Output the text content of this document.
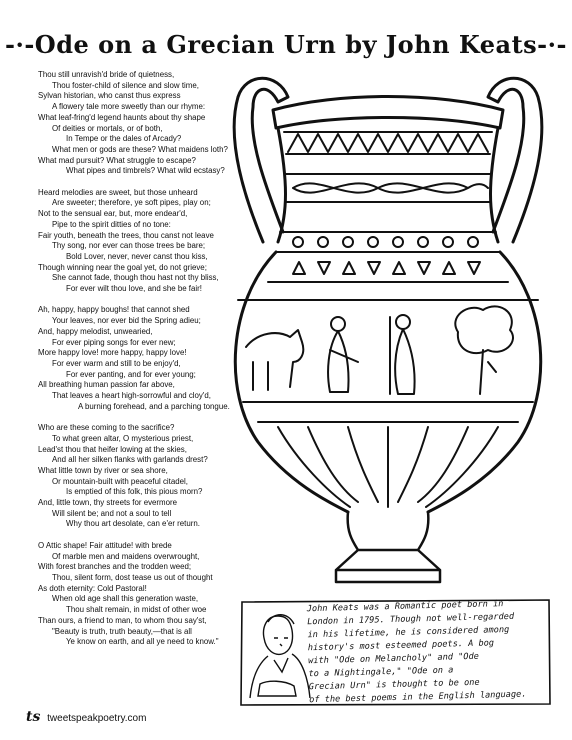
-·-Ode on a Grecian Urn by John Keats-·-
Thou still unravish'd bride of quietness,
Thou foster-child of silence and slow time,
Sylvan historian, who canst thus express
A flowery tale more sweetly than our rhyme:
What leaf-fring'd legend haunts about thy shape
Of deities or mortals, or of both,
In Tempe or the dales of Arcady?
What men or gods are these? What maidens loth?
What mad pursuit? What struggle to escape?
What pipes and timbrels? What wild ecstasy?
Heard melodies are sweet, but those unheard
Are sweeter; therefore, ye soft pipes, play on;
Not to the sensual ear, but, more endear'd,
Pipe to the spirit ditties of no tone:
Fair youth, beneath the trees, thou canst not leave
Thy song, nor ever can those trees be bare;
Bold Lover, never, never canst thou kiss,
Though winning near the goal yet, do not grieve;
She cannot fade, though thou hast not thy bliss,
For ever wilt thou love, and she be fair!
Ah, happy, happy boughs! that cannot shed
Your leaves, nor ever bid the Spring adieu;
And, happy melodist, unwearied,
For ever piping songs for ever new;
More happy love! more happy, happy love!
For ever warm and still to be enjoy'd,
For ever panting, and for ever young;
All breathing human passion far above,
That leaves a heart high-sorrowful and cloy'd,
A burning forehead, and a parching tongue.
Who are these coming to the sacrifice?
To what green altar, O mysterious priest,
Lead'st thou that heifer lowing at the skies,
And all her silken flanks with garlands drest?
What little town by river or sea shore,
Or mountain-built with peaceful citadel,
Is emptied of this folk, this pious morn?
And, little town, thy streets for evermore
Will silent be; and not a soul to tell
Why thou art desolate, can e'er return.
O Attic shape! Fair attitude! with brede
Of marble men and maidens overwrought,
With forest branches and the trodden weed;
Thou, silent form, dost tease us out of thought
As doth eternity: Cold Pastoral!
When old age shall this generation waste,
Thou shalt remain, in midst of other woe
Than ours, a friend to man, to whom thou say'st,
"Beauty is truth, truth beauty,—that is all
Ye know on earth, and all ye need to know."
John Keats was a Romantic poet born in
London in 1795. Though not well-regarded
in his lifetime, he is considered among
history's most esteemed poets. A bog
with "Ode on Melancholy" and "Ode
to a Nightingale," "Ode on a
Grecian Urn" is thought to be one
of the best poems in the English language.
ts tweetspeakpoetry.com
